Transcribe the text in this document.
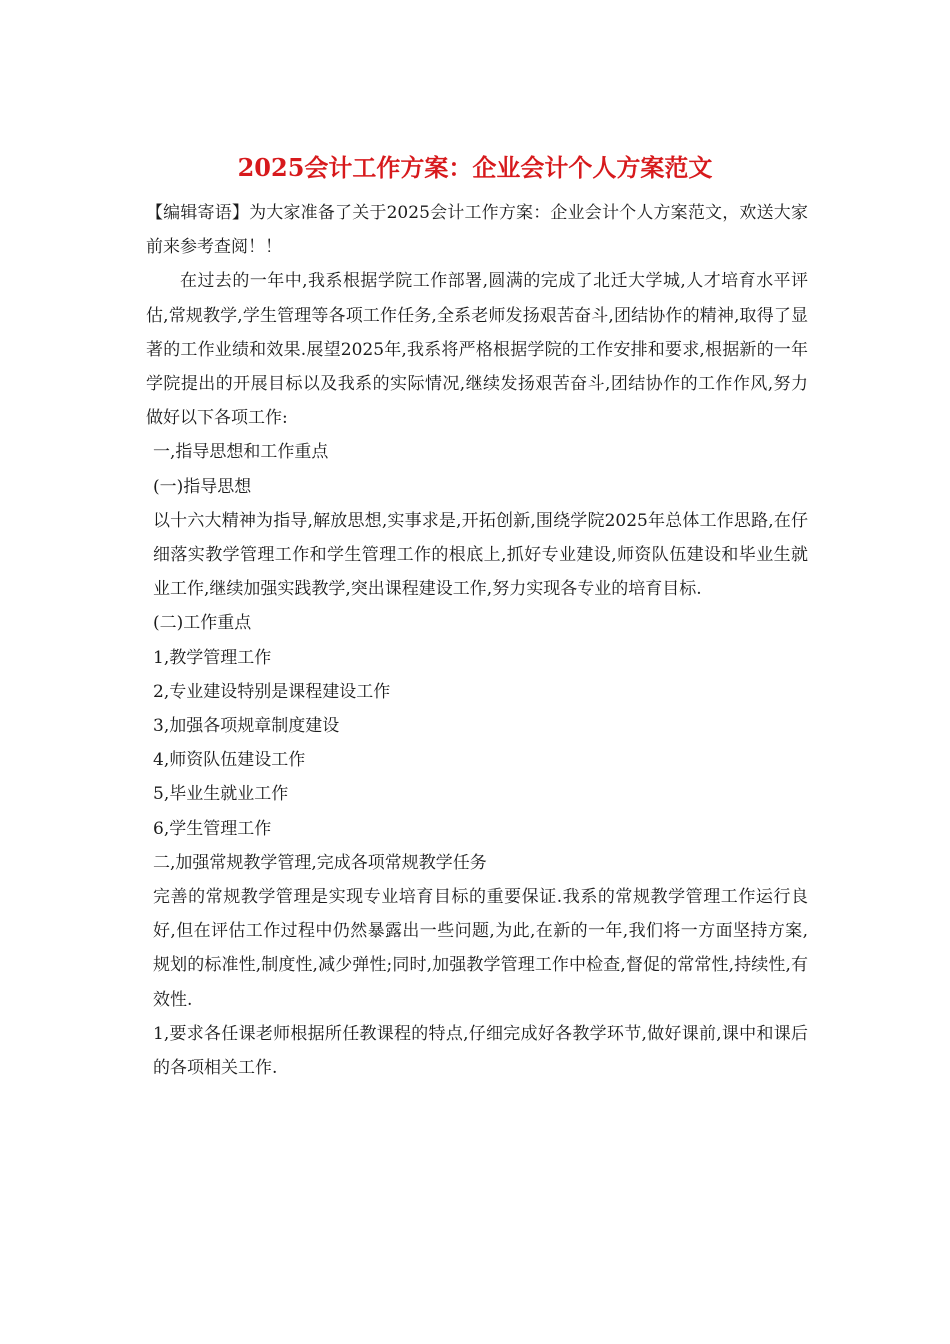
2025会计工作方案：企业会计个人方案范文

【编辑寄语】为大家准备了关于2025会计工作方案：企业会计个人方案范文，欢送大家前来参考查阅！！

在过去的一年中,我系根据学院工作部署,圆满的完成了北迁大学城,人才培育水平评估,常规教学,学生管理等各项工作任务,全系老师发扬艰苦奋斗,团结协作的精神,取得了显著的工作业绩和效果.展望2025年,我系将严格根据学院的工作安排和要求,根据新的一年学院提出的开展目标以及我系的实际情况,继续发扬艰苦奋斗,团结协作的工作作风,努力做好以下各项工作:

一,指导思想和工作重点

(一)指导思想

以十六大精神为指导,解放思想,实事求是,开拓创新,围绕学院2025年总体工作思路,在仔细落实教学管理工作和学生管理工作的根底上,抓好专业建设,师资队伍建设和毕业生就业工作,继续加强实践教学,突出课程建设工作,努力实现各专业的培育目标.

(二)工作重点

1,教学管理工作

2,专业建设特别是课程建设工作

3,加强各项规章制度建设

4,师资队伍建设工作

5,毕业生就业工作

6,学生管理工作

二,加强常规教学管理,完成各项常规教学任务

完善的常规教学管理是实现专业培育目标的重要保证.我系的常规教学管理工作运行良好,但在评估工作过程中仍然暴露出一些问题,为此,在新的一年,我们将一方面坚持方案,规划的标准性,制度性,减少弹性;同时,加强教学管理工作中检查,督促的常常性,持续性,有效性.

1,要求各任课老师根据所任教课程的特点,仔细完成好各教学环节,做好课前,课中和课后的各项相关工作.
